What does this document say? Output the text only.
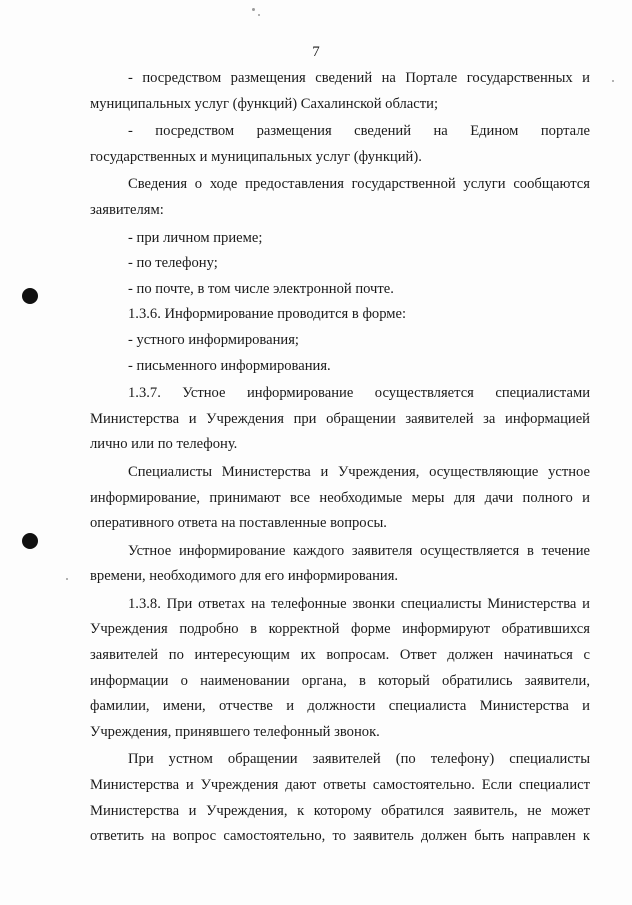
7

- посредством размещения сведений на Портале государственных и

муниципальных услуг (функций) Сахалинской области;

- посредством размещения сведений на Едином портале

государственных и муниципальных услуг (функций).

Сведения о ходе предоставления государственной услуги сообщаются

заявителям:

- при личном приеме;

- по телефону;

- по почте, в том числе электронной почте.

1.3.6. Информирование проводится в форме:

- устного информирования;

- письменного информирования.

1.3.7. Устное информирование осуществляется специалистами

Министерства и Учреждения при обращении заявителей за информацией

лично или по телефону.

Специалисты Министерства и Учреждения, осуществляющие устное

информирование, принимают все необходимые меры для дачи полного и

оперативного ответа на поставленные вопросы.

Устное информирование каждого заявителя осуществляется в течение

времени, необходимого для его информирования.

1.3.8. При ответах на телефонные звонки специалисты Министерства и

Учреждения подробно в корректной форме информируют обратившихся

заявителей по интересующим их вопросам. Ответ должен начинаться с

информации о наименовании органа, в который обратились заявители,

фамилии, имени, отчестве и должности специалиста Министерства и

Учреждения, принявшего телефонный звонок.

При устном обращении заявителей (по телефону) специалисты

Министерства и Учреждения дают ответы самостоятельно. Если специалист

Министерства и Учреждения, к которому обратился заявитель, не может

ответить на вопрос самостоятельно, то заявитель должен быть направлен к
